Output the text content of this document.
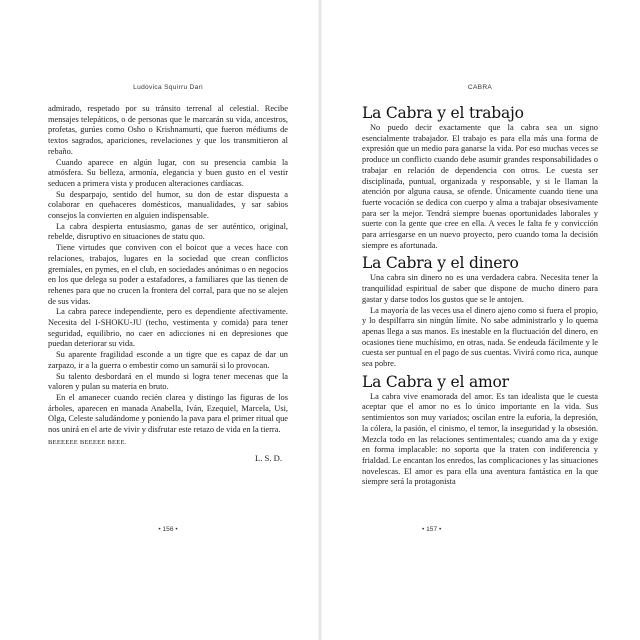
Ludovica Squirru Dari

admirado, respetado por su tránsito terrenal al celestial. Recibe mensajes telepáticos, o de personas que le marcarán su vida, ancestros, profetas, gurúes como Osho o Krishnamurti, que fueron médiums de textos sagrados, apariciones, revelaciones y que los transmitieron al rebaño.

Cuando aparece en algún lugar, con su presencia cambia la atmósfera. Su belleza, armonía, elegancia y buen gusto en el vestir seducen a primera vista y producen alteraciones cardíacas.

Su desparpajo, sentido del humor, su don de estar dispuesta a colaborar en quehaceres domésticos, manualidades, y sar sabios consejos la convierten en alguien indispensable.

La cabra despierta entusiasmo, ganas de ser auténtico, original, rebelde, disruptivo en situaciones de statu quo.

Tiene virtudes que conviven con el boicot que a veces hace con relaciones, trabajos, lugares en la sociedad que crean conflictos gremiales, en pymes, en el club, en sociedades anónimas o en negocios en los que delega su poder a estafadores, a familiares que las tienen de rehenes para que no crucen la frontera del corral, para que no se alejen de sus vidas.

La cabra parece independiente, pero es dependiente afectivamente. Necesita del I-SHOKU-JU (techo, vestimenta y comida) para tener seguridad, equilibrio, no caer en adicciones ni en depresiones que puedan deteriorar su vida.

Su aparente fragilidad esconde a un tigre que es capaz de dar un zarpazo, ir a la guerra o embestir como un samurái si lo provocan.

Su talento desbordará en el mundo si logra tener mecenas que la valoren y pulan su materia en bruto.

En el amanecer cuando recién clarea y distingo las figuras de los árboles, aparecen en manada Anabella, Iván, Ezequiel, Marcela, Usi, Olga, Celeste saludándome y poniendo la pava para el primer ritual que nos unirá en el arte de vivir y disfrutar este retazo de vida en la tierra.

BEEEEEE BEEEEE BEEE.

L. S. D.

• 156 •
CABRA
La Cabra y el trabajo

No puedo decir exactamente que la cabra sea un signo esencialmente trabajador. El trabajo es para ella más una forma de expresión que un medio para ganarse la vida. Por eso muchas veces se produce un conflicto cuando debe asumir grandes responsabilidades o trabajar en relación de dependencia con otros. Le cuesta ser disciplinada, puntual, organizada y responsable, y si le llaman la atención por alguna causa, se ofende. Únicamente cuando tiene una fuerte vocación se dedica con cuerpo y alma a trabajar obsesivamente para ser la mejor. Tendrá siempre buenas oportunidades laborales y suerte con la gente que cree en ella. A veces le falta fe y convicción para arriesgarse en un nuevo proyecto, pero cuando toma la decisión siempre es afortunada.

La Cabra y el dinero

Una cabra sin dinero no es una verdadera cabra. Necesita tener la tranquilidad espiritual de saber que dispone de mucho dinero para gastar y darse todos los gustos que se le antojen.

La mayoría de las veces usa el dinero ajeno como si fuera el propio, y lo despilfarra sin ningún límite. No sabe administrarlo y lo quema apenas llega a sus manos. Es inestable en la fluctuación del dinero, en ocasiones tiene muchísimo, en otras, nada. Se endeuda fácilmente y le cuesta ser puntual en el pago de sus cuentas. Vivirá como rica, aunque sea pobre.

La Cabra y el amor

La cabra vive enamorada del amor. Es tan idealista que le cuesta aceptar que el amor no es lo único importante en la vida. Sus sentimientos son muy variados; oscilan entre la euforia, la depresión, la cólera, la pasión, el cinismo, el temor, la inseguridad y la obsesión. Mezcla todo en las relaciones sentimentales; cuando ama da y exige en forma implacable: no soporta que la traten con indiferencia y frialdad. Le encantan los enredos, las complicaciones y las situaciones novelescas. El amor es para ella una aventura fantástica en la que siempre será la protagonista

• 157 •
